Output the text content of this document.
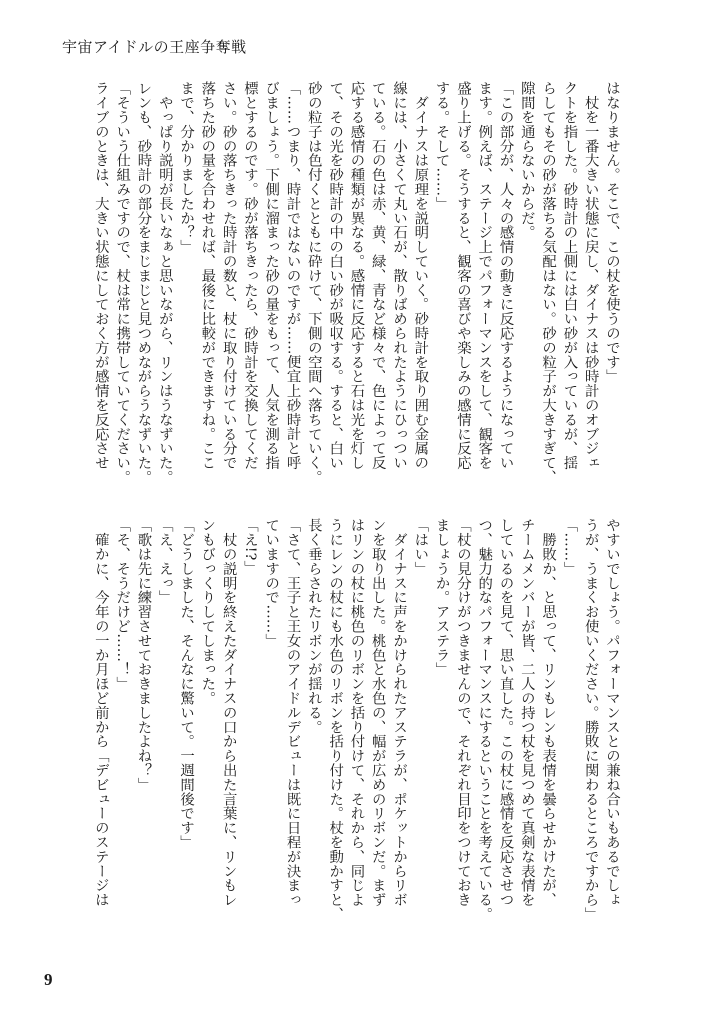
宇宙アイドルの王座争奪戦
はなりません。そこで、この杖を使うのです」
　杖を一番大きい状態に戻し、ダイナスは砂時計のオブジェ
クトを指した。砂時計の上側には白い砂が入っているが、揺
らしてもその砂が落ちる気配はない。砂の粒子が大きすぎて、
隙間を通らないからだ。
「この部分が、人々の感情の動きに反応するようになってい
ます。例えば、ステージ上でパフォーマンスをして、観客を
盛り上げる。そうすると、観客の喜びや楽しみの感情に反応
する。そして……」
　ダイナスは原理を説明していく。砂時計を取り囲む金属の
線には、小さくて丸い石が、散りばめられたようにひっつい
ている。石の色は赤、黄、緑、青など様々で、色によって反
応する感情の種類が異なる。感情に反応すると石は光を灯し
て、その光を砂時計の中の白い砂が吸収する。すると、白い
砂の粒子は色付くとともに砕けて、下側の空間へ落ちていく。
「……つまり、時計ではないのですが……便宜上砂時計と呼
びましょう。下側に溜まった砂の量をもって、人気を測る指
標とするのです。砂が落ちきったら、砂時計を交換してくだ
さい。砂の落ちきった時計の数と、杖に取り付けている分で
落ちた砂の量を合わせれば、最後に比較ができますね。ここ
まで、分かりましたか？」
　やっぱり説明が長いなぁと思いながら、リンはうなずいた。
レンも、砂時計の部分をまじまじと見つめながらうなずいた。
「そういう仕組みですので、杖は常に携帯していてください。
ライブのときは、大きい状態にしておく方が感情を反応させ
やすいでしょう。パフォーマンスとの兼ね合いもあるでしょ
うが、うまくお使いください。勝敗に関わるところですから」
「……」
　勝敗か、と思って、リンもレンも表情を曇らせかけたが、
チームメンバーが皆、二人の持つ杖を見つめて真剣な表情を
しているのを見て、思い直した。この杖に感情を反応させつ
つ、魅力的なパフォーマンスにするということを考えている。
「杖の見分けがつきませんので、それぞれ目印をつけておき
ましょうか。アステラ」
「はい」
　ダイナスに声をかけられたアステラが、ポケットからリボ
ンを取り出した。桃色と水色の、幅が広めのリボンだ。まず
はリンの杖に桃色のリボンを括り付けて、それから、同じよ
うにレンの杖にも水色のリボンを括り付けた。杖を動かすと、
長く垂らされたリボンが揺れる。
「さて、王子と王女のアイドルデビューは既に日程が決まっ
ていますので……」
「え!?」
　杖の説明を終えたダイナスの口から出た言葉に、リンもレ
ンもびっくりしてしまった。
「どうしました、そんなに驚いて。一週間後です」
「え、えっ」
「歌は先に練習させておきましたよね？」
「そ、そうだけど……！」
　確かに、今年の一か月ほど前から「デビューのステージは
9
